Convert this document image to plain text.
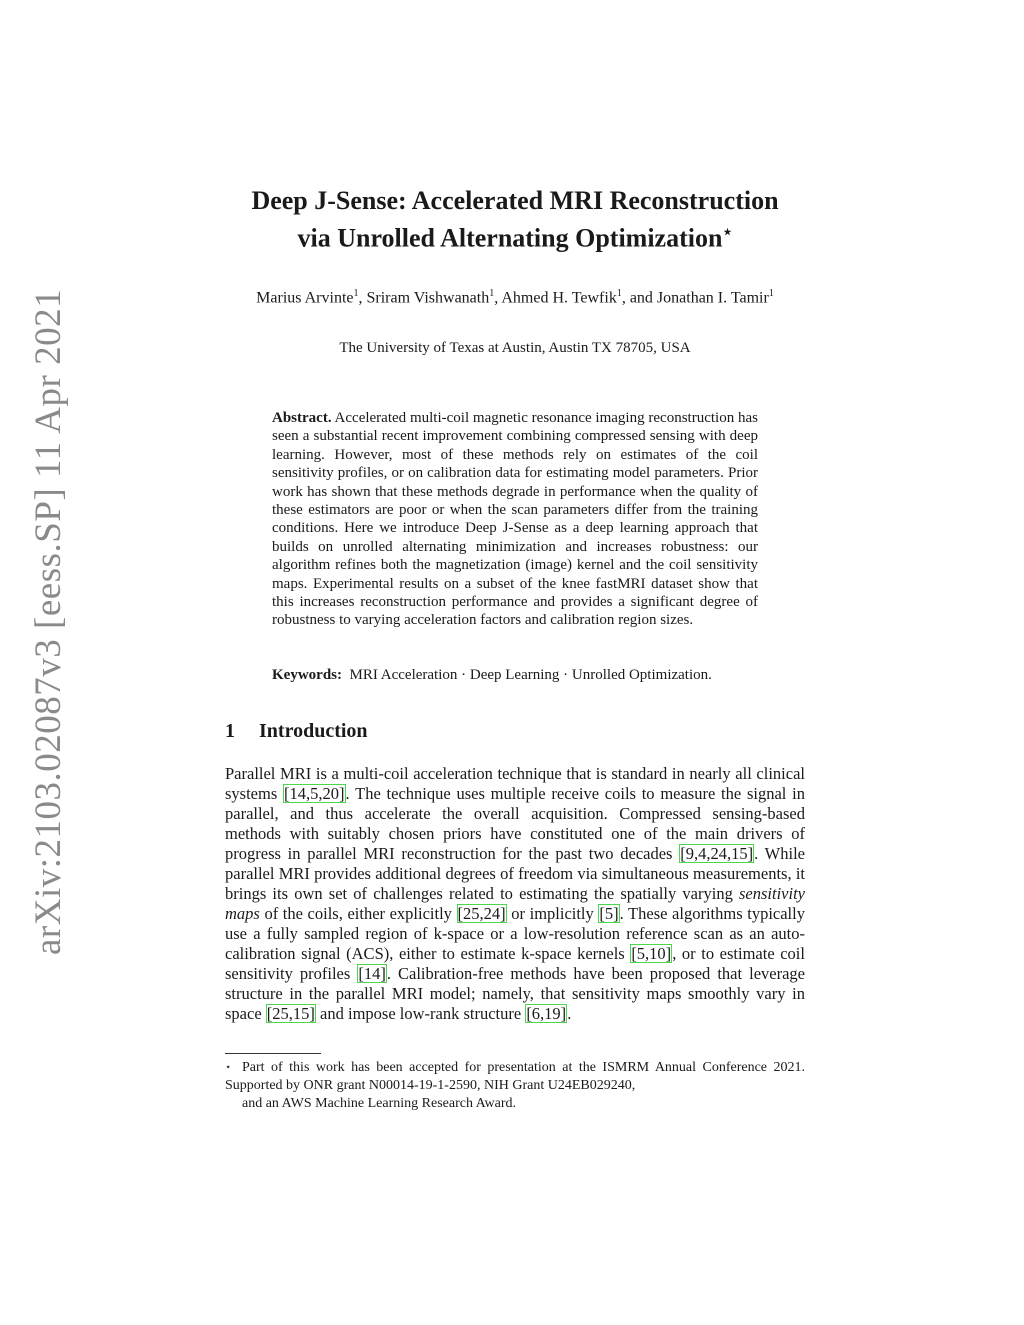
arXiv:2103.02087v3 [eess.SP] 11 Apr 2021
Deep J-Sense: Accelerated MRI Reconstruction
via Unrolled Alternating Optimization⋆
Marius Arvinte$^1$, Sriram Vishwanath$^1$, Ahmed H. Tewfik$^1$, and Jonathan I. Tamir$^1$
The University of Texas at Austin, Austin TX 78705, USA
Abstract. Accelerated multi-coil magnetic resonance imaging reconstruction has seen a substantial recent improvement combining compressed sensing with deep learning. However, most of these methods rely on estimates of the coil sensitivity profiles, or on calibration data for estimating model parameters. Prior work has shown that these methods degrade in performance when the quality of these estimators are poor or when the scan parameters differ from the training conditions. Here we introduce Deep J-Sense as a deep learning approach that builds on unrolled alternating minimization and increases robustness: our algorithm refines both the magnetization (image) kernel and the coil sensitivity maps. Experimental results on a subset of the knee fastMRI dataset show that this increases reconstruction performance and provides a significant degree of robustness to varying acceleration factors and calibration region sizes.
Keywords: MRI Acceleration · Deep Learning · Unrolled Optimization.
1 Introduction
Parallel MRI is a multi-coil acceleration technique that is standard in nearly all clinical systems [14,5,20]. The technique uses multiple receive coils to measure the signal in parallel, and thus accelerate the overall acquisition. Compressed sensing-based methods with suitably chosen priors have constituted one of the main drivers of progress in parallel MRI reconstruction for the past two decades [9,4,24,15]. While parallel MRI provides additional degrees of freedom via simultaneous measurements, it brings its own set of challenges related to estimating the spatially varying sensitivity maps of the coils, either explicitly [25,24] or implicitly [5]. These algorithms typically use a fully sampled region of k-space or a low-resolution reference scan as an auto-calibration signal (ACS), either to estimate k-space kernels [5,10], or to estimate coil sensitivity profiles [14]. Calibration-free methods have been proposed that leverage structure in the parallel MRI model; namely, that sensitivity maps smoothly vary in space [25,15] and impose low-rank structure [6,19].
⋆ Part of this work has been accepted for presentation at the ISMRM Annual Conference 2021. Supported by ONR grant N00014-19-1-2590, NIH Grant U24EB029240,
and an AWS Machine Learning Research Award.
